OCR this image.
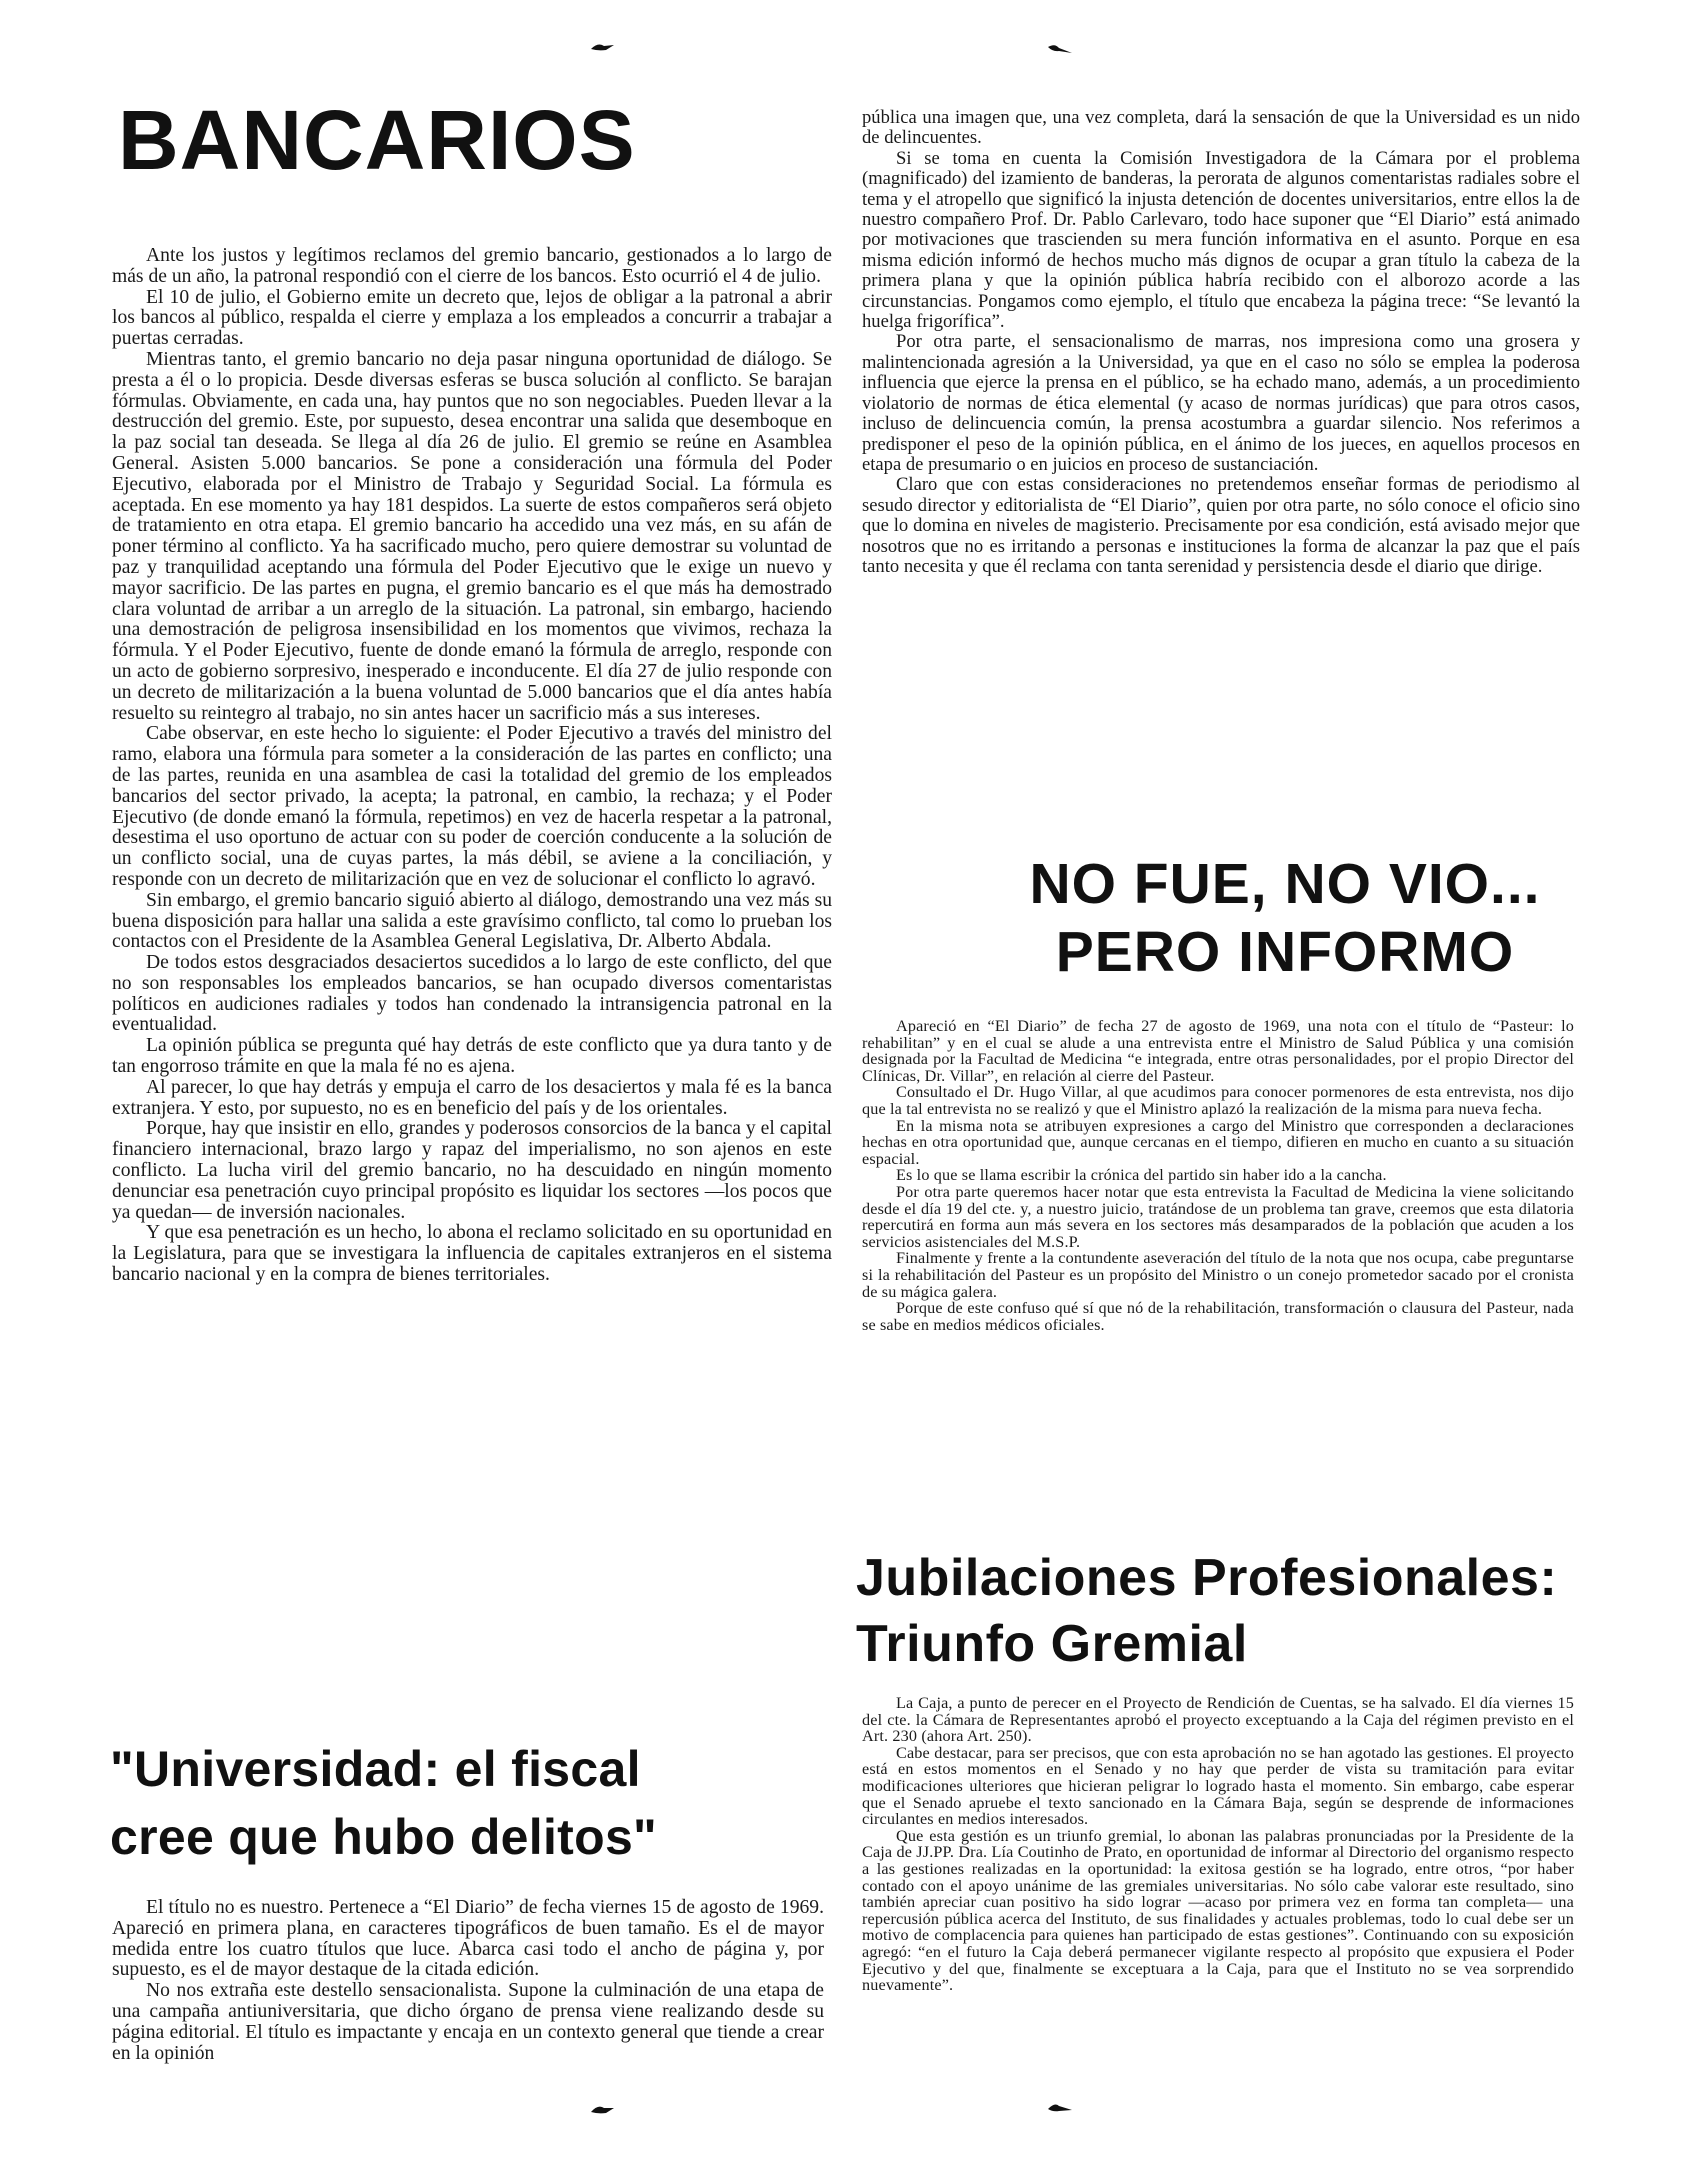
BANCARIOS

Ante los justos y legítimos reclamos del gremio bancario, gestionados a lo largo de más de un año, la patronal respondió con el cierre de los bancos. Esto ocurrió el 4 de julio.

El 10 de julio, el Gobierno emite un decreto que, lejos de obligar a la patronal a abrir los bancos al público, respalda el cierre y emplaza a los empleados a concurrir a trabajar a puertas cerradas.

Mientras tanto, el gremio bancario no deja pasar ninguna oportunidad de diálogo. Se presta a él o lo propicia. Desde diversas esferas se busca solución al conflicto. Se barajan fórmulas. Obviamente, en cada una, hay puntos que no son negociables. Pueden llevar a la destrucción del gremio. Este, por supuesto, desea encontrar una salida que desemboque en la paz social tan deseada. Se llega al día 26 de julio. El gremio se reúne en Asamblea General. Asisten 5.000 bancarios. Se pone a consideración una fórmula del Poder Ejecutivo, elaborada por el Ministro de Trabajo y Seguridad Social. La fórmula es aceptada. En ese momento ya hay 181 despidos. La suerte de estos compañeros será objeto de tratamiento en otra etapa. El gremio bancario ha accedido una vez más, en su afán de poner término al conflicto. Ya ha sacrificado mucho, pero quiere demostrar su voluntad de paz y tranquilidad aceptando una fórmula del Poder Ejecutivo que le exige un nuevo y mayor sacrificio. De las partes en pugna, el gremio bancario es el que más ha demostrado clara voluntad de arribar a un arreglo de la situación. La patronal, sin embargo, haciendo una demostración de peligrosa insensibilidad en los momentos que vivimos, rechaza la fórmula. Y el Poder Ejecutivo, fuente de donde emanó la fórmula de arreglo, responde con un acto de gobierno sorpresivo, inesperado e inconducente. El día 27 de julio responde con un decreto de militarización a la buena voluntad de 5.000 bancarios que el día antes había resuelto su reintegro al trabajo, no sin antes hacer un sacrificio más a sus intereses.

Cabe observar, en este hecho lo siguiente: el Poder Ejecutivo a través del ministro del ramo, elabora una fórmula para someter a la consideración de las partes en conflicto; una de las partes, reunida en una asamblea de casi la totalidad del gremio de los empleados bancarios del sector privado, la acepta; la patronal, en cambio, la rechaza; y el Poder Ejecutivo (de donde emanó la fórmula, repetimos) en vez de hacerla respetar a la patronal, desestima el uso oportuno de actuar con su poder de coerción conducente a la solución de un conflicto social, una de cuyas partes, la más débil, se aviene a la conciliación, y responde con un decreto de militarización que en vez de solucionar el conflicto lo agravó.

Sin embargo, el gremio bancario siguió abierto al diálogo, demostrando una vez más su buena disposición para hallar una salida a este gravísimo conflicto, tal como lo prueban los contactos con el Presidente de la Asamblea General Legislativa, Dr. Alberto Abdala.

De todos estos desgraciados desaciertos sucedidos a lo largo de este conflicto, del que no son responsables los empleados bancarios, se han ocupado diversos comentaristas políticos en audiciones radiales y todos han condenado la intransigencia patronal en la eventualidad.

La opinión pública se pregunta qué hay detrás de este conflicto que ya dura tanto y de tan engorroso trámite en que la mala fé no es ajena.

Al parecer, lo que hay detrás y empuja el carro de los desaciertos y mala fé es la banca extranjera. Y esto, por supuesto, no es en beneficio del país y de los orientales.

Porque, hay que insistir en ello, grandes y poderosos consorcios de la banca y el capital financiero internacional, brazo largo y rapaz del imperialismo, no son ajenos en este conflicto. La lucha viril del gremio bancario, no ha descuidado en ningún momento denunciar esa penetración cuyo principal propósito es liquidar los sectores —los pocos que ya quedan— de inversión nacionales.

Y que esa penetración es un hecho, lo abona el reclamo solicitado en su oportunidad en la Legislatura, para que se investigara la influencia de capitales extranjeros en el sistema bancario nacional y en la compra de bienes territoriales.

"Universidad: el fiscal
cree que hubo delitos"

El título no es nuestro. Pertenece a “El Diario” de fecha viernes 15 de agosto de 1969. Apareció en primera plana, en caracteres tipográficos de buen tamaño. Es el de mayor medida entre los cuatro títulos que luce. Abarca casi todo el ancho de página y, por supuesto, es el de mayor destaque de la citada edición.

No nos extraña este destello sensacionalista. Supone la culminación de una etapa de una campaña antiuniversitaria, que dicho órgano de prensa viene realizando desde su página editorial. El título es impactante y encaja en un contexto general que tiende a crear en la opinión

pública una imagen que, una vez completa, dará la sensación de que la Universidad es un nido de delincuentes.

Si se toma en cuenta la Comisión Investigadora de la Cámara por el problema (magnificado) del izamiento de banderas, la perorata de algunos comentaristas radiales sobre el tema y el atropello que significó la injusta detención de docentes universitarios, entre ellos la de nuestro compañero Prof. Dr. Pablo Carlevaro, todo hace suponer que “El Diario” está animado por motivaciones que trascienden su mera función informativa en el asunto. Porque en esa misma edición informó de hechos mucho más dignos de ocupar a gran título la cabeza de la primera plana y que la opinión pública habría recibido con el alborozo acorde a las circunstancias. Pongamos como ejemplo, el título que encabeza la página trece: “Se levantó la huelga frigorífica”.

Por otra parte, el sensacionalismo de marras, nos impresiona como una grosera y malintencionada agresión a la Universidad, ya que en el caso no sólo se emplea la poderosa influencia que ejerce la prensa en el público, se ha echado mano, además, a un procedimiento violatorio de normas de ética elemental (y acaso de normas jurídicas) que para otros casos, incluso de delincuencia común, la prensa acostumbra a guardar silencio. Nos referimos a predisponer el peso de la opinión pública, en el ánimo de los jueces, en aquellos procesos en etapa de presumario o en juicios en proceso de sustanciación.

Claro que con estas consideraciones no pretendemos enseñar formas de periodismo al sesudo director y editorialista de “El Diario”, quien por otra parte, no sólo conoce el oficio sino que lo domina en niveles de magisterio. Precisamente por esa condición, está avisado mejor que nosotros que no es irritando a personas e instituciones la forma de alcanzar la paz que el país tanto necesita y que él reclama con tanta serenidad y persistencia desde el diario que dirige.

NO FUE, NO VIO...
PERO INFORMO

Apareció en “El Diario” de fecha 27 de agosto de 1969, una nota con el título de “Pasteur: lo rehabilitan” y en el cual se alude a una entrevista entre el Ministro de Salud Pública y una comisión designada por la Facultad de Medicina “e integrada, entre otras personalidades, por el propio Director del Clínicas, Dr. Villar”, en relación al cierre del Pasteur.

Consultado el Dr. Hugo Villar, al que acudimos para conocer pormenores de esta entrevista, nos dijo que la tal entrevista no se realizó y que el Ministro aplazó la realización de la misma para nueva fecha.

En la misma nota se atribuyen expresiones a cargo del Ministro que corresponden a declaraciones hechas en otra oportunidad que, aunque cercanas en el tiempo, difieren en mucho en cuanto a su situación espacial.

Es lo que se llama escribir la crónica del partido sin haber ido a la cancha.

Por otra parte queremos hacer notar que esta entrevista la Facultad de Medicina la viene solicitando desde el día 19 del cte. y, a nuestro juicio, tratándose de un problema tan grave, creemos que esta dilatoria repercutirá en forma aun más severa en los sectores más desamparados de la población que acuden a los servicios asistenciales del M.S.P.

Finalmente y frente a la contundente aseveración del título de la nota que nos ocupa, cabe preguntarse si la rehabilitación del Pasteur es un propósito del Ministro o un conejo prometedor sacado por el cronista de su mágica galera.

Porque de este confuso qué sí que nó de la rehabilitación, transformación o clausura del Pasteur, nada se sabe en medios médicos oficiales.

Jubilaciones Profesionales:
Triunfo Gremial

La Caja, a punto de perecer en el Proyecto de Rendición de Cuentas, se ha salvado. El día viernes 15 del cte. la Cámara de Representantes aprobó el proyecto exceptuando a la Caja del régimen previsto en el Art. 230 (ahora Art. 250).

Cabe destacar, para ser precisos, que con esta aprobación no se han agotado las gestiones. El proyecto está en estos momentos en el Senado y no hay que perder de vista su tramitación para evitar modificaciones ulteriores que hicieran peligrar lo logrado hasta el momento. Sin embargo, cabe esperar que el Senado apruebe el texto sancionado en la Cámara Baja, según se desprende de informaciones circulantes en medios interesados.

Que esta gestión es un triunfo gremial, lo abonan las palabras pronunciadas por la Presidente de la Caja de JJ.PP. Dra. Lía Coutinho de Prato, en oportunidad de informar al Directorio del organismo respecto a las gestiones realizadas en la oportunidad: la exitosa gestión se ha logrado, entre otros, “por haber contado con el apoyo unánime de las gremiales universitarias. No sólo cabe valorar este resultado, sino también apreciar cuan positivo ha sido lograr —acaso por primera vez en forma tan completa— una repercusión pública acerca del Instituto, de sus finalidades y actuales problemas, todo lo cual debe ser un motivo de complacencia para quienes han participado de estas gestiones”. Continuando con su exposición agregó: “en el futuro la Caja deberá permanecer vigilante respecto al propósito que expusiera el Poder Ejecutivo y del que, finalmente se exceptuara a la Caja, para que el Instituto no se vea sorprendido nuevamente”.
